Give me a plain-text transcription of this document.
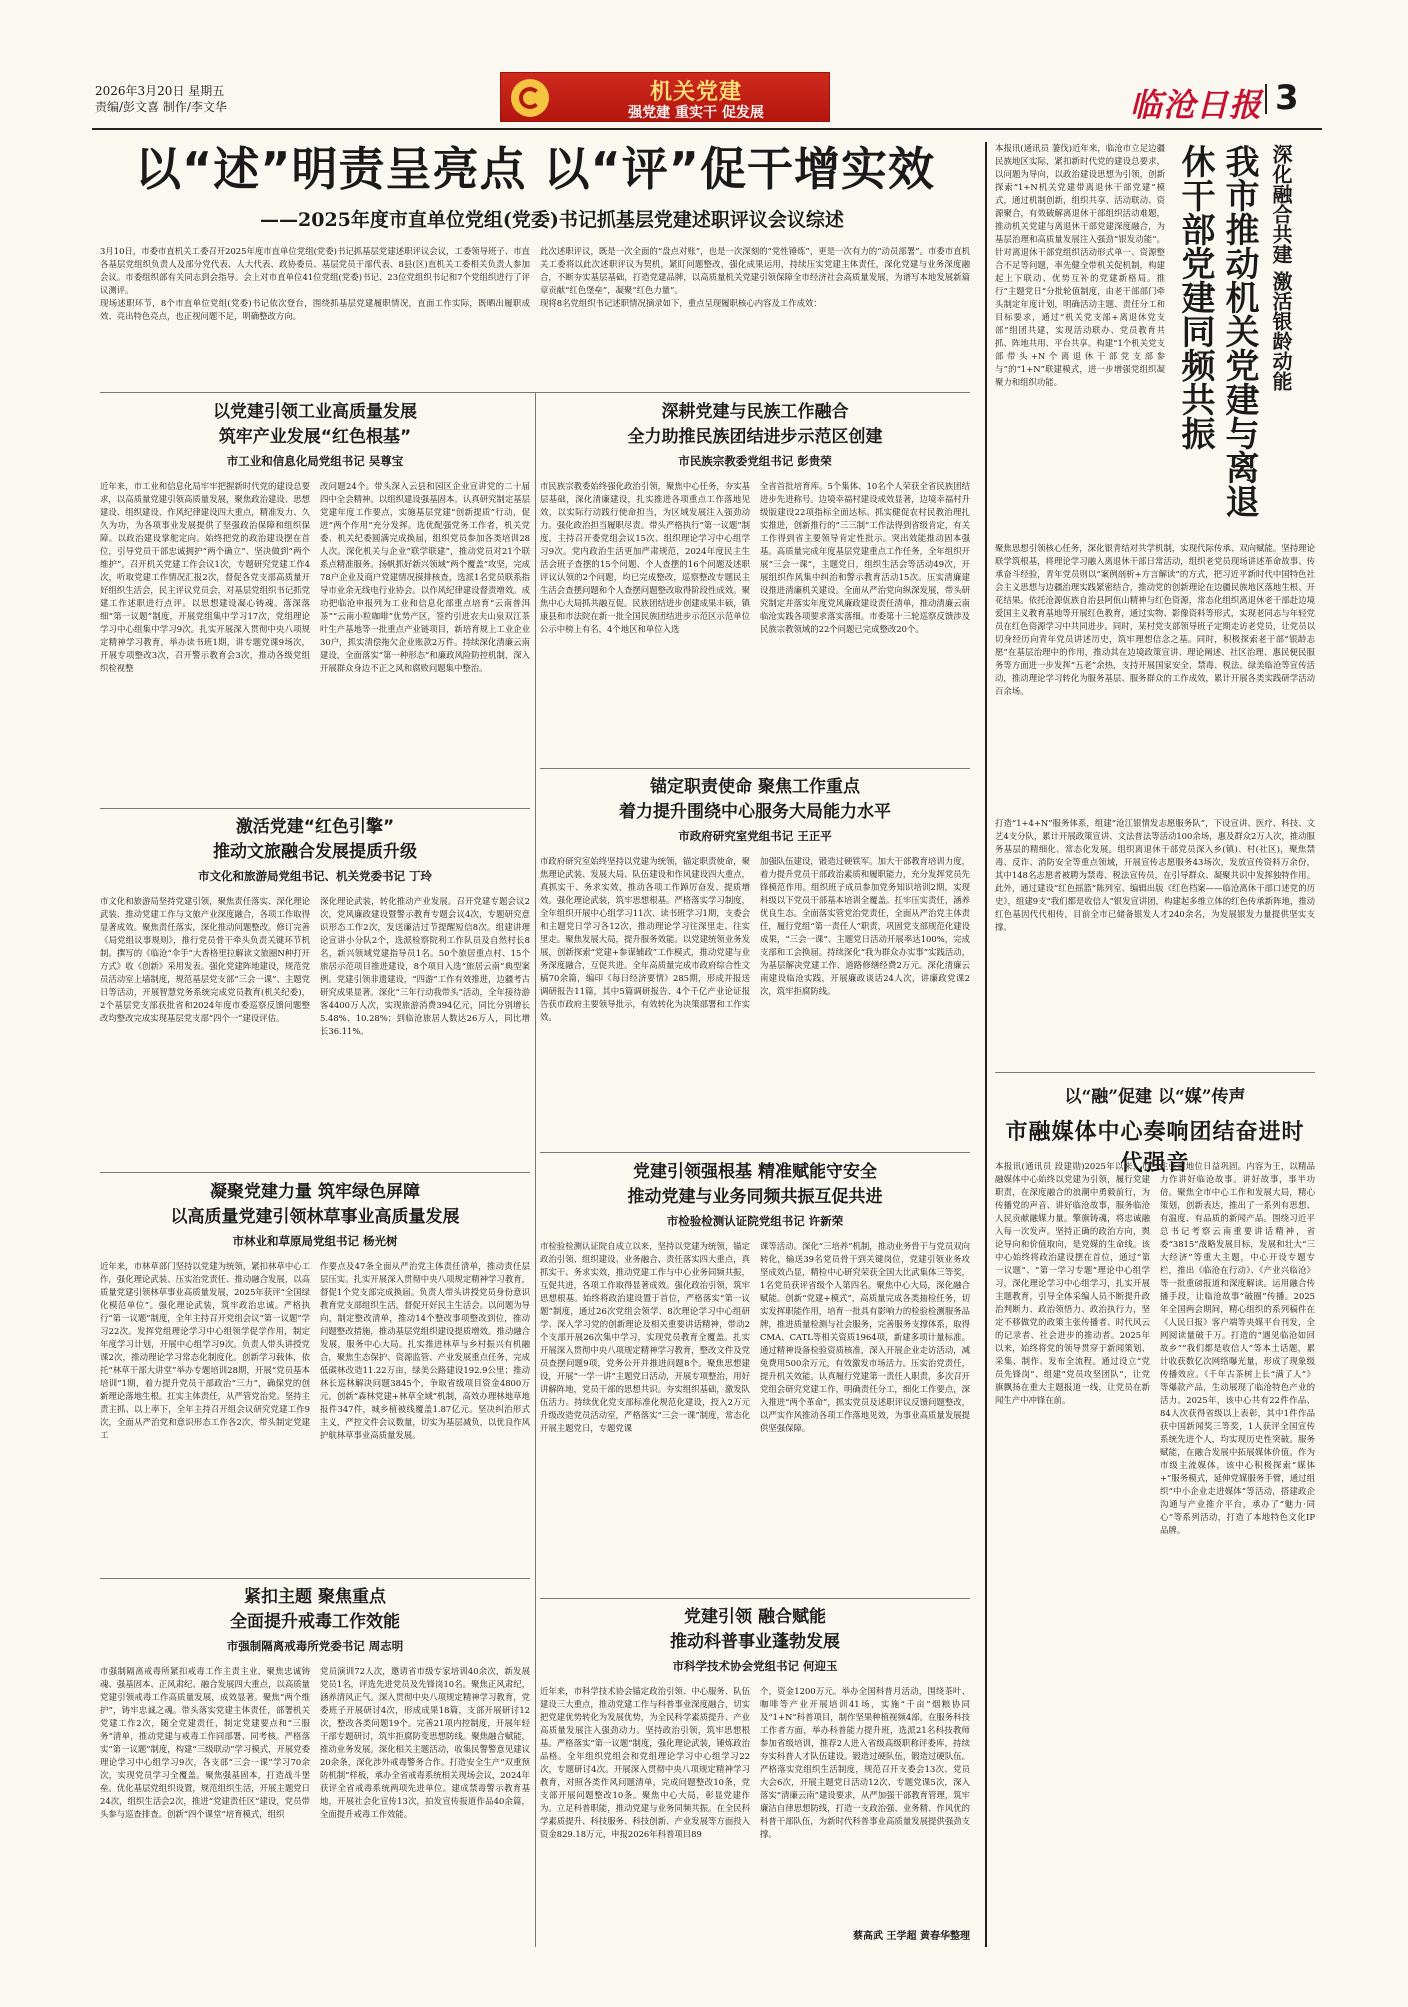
2026年3月20日 星期五
责编/彭文喜 制作/李文华
机关党建
强党建 重实干 促发展	临沧日报 3
以“述”明责呈亮点 以“评”促干增实效
——2025年度市直单位党组(党委)书记抓基层党建述职评议会议综述

3月10日，市委市直机关工委召开2025年度市直单位党组(党委)书记抓基层党建述职评议会议，工委领导班子、市直各基层党组织负责人及部分党代表、人大代表、政协委员、基层党员干部代表、8县(区)直机关工委相关负责人参加会议。市委组织部有关同志到会指导。会上对市直单位41位党组(党委)书记、23位党组织书记和7个党组织进行了评议测评。

现场述职环节，8个市直单位党组(党委)书记依次登台，围绕抓基层党建履职情况，直面工作实际，既晒出履职成效、亮出特色亮点，也正视问题不足，明确整改方向。

此次述职评议，既是一次全面的“盘点对账”，也是一次深刻的“党性锤炼”，更是一次有力的“动员部署”。市委市直机关工委将以此次述职评议为契机，紧盯问题整改，强化成果运用，持续压实党建主体责任，深化党建与业务深度融合，不断夯实基层基础，打造党建品牌，以高质量机关党建引领保障全市经济社会高质量发展，为谱写本地发展新篇章贡献“红色堡垒”，凝聚“红色力量”。

现将8名党组织书记述职情况摘录如下，重点呈现履职核心内容及工作成效：

以党建引领工业高质量发展
筑牢产业发展“红色根基”
市工业和信息化局党组书记 吴尊宝
近年来，市工业和信息化局牢牢把握新时代党的建设总要求，以高质量党建引领高质量发展，聚焦政治建设、思想建设、组织建设、作风纪律建设四大重点，精准发力、久久为功，为各项事业发展提供了坚强政治保障和组织保障。以政治建设掌舵定向。始终把党的政治建设摆在首位，引导党员干部忠诚拥护“两个确立”、坚决做到“两个维护”。召开机关党建工作会议1次，专题研究党建工作4次，听取党建工作情况汇报2次，督促各党支部高质量开好组织生活会，民主评议党员会，对基层党组织书记抓党建工作述职进行点评。以思想建设凝心铸魂。落深落细“第一议题”制度，开展党组集中学习17次，党组理论学习中心组集中学习9次。扎实开展深入贯彻中央八项规定精神学习教育，举办读书班1期，讲专题党课9场次，开展专项整改3次，召开警示教育会3次，推动各级党组织检视整
改问题24个。带头深入云县和园区企业宣讲党的二十届四中全会精神。以组织建设强基固本。认真研究制定基层党建年度工作要点，实施基层党建“创新提质”行动，促进“两个作用”充分发挥。选优配强党务工作者，机关党委、机关纪委圆满完成换届，组织党员参加各类培训28人次。深化机关与企业“联学联建”，推动党员对21个联系点精准服务。扬帆抓好新兴领域“两个覆盖”攻坚，完成78户企业及商户党建情况摸排核查，选派1名党员联系指导市业余无线电行业协会。以作风纪律建设督责增效。成功把临沧申报列为工业和信息化部重点培育“云南普洱茶”“云南小粒咖啡”优势产区，签约引进农夫山泉双江茶叶生产基地等一批重点产业链项目，新培育规上工业企业30户，抓实清偿拖欠企业账款2万件。持续深化清廉云南建设，全面落实“第一种形态”和廉政风险防控机制，深入开展群众身边不正之风和腐败问题集中整治。
激活党建“红色引擎”
推动文旅融合发展提质升级
市文化和旅游局党组书记、机关党委书记 丁玲
市文化和旅游局坚持党建引领，聚焦责任落实、深化理论武装、推动党建工作与文旅产业深度融合，各项工作取得显著成效。聚焦责任落实，深化推动问题整改。修订完善《局党组议事规则》，推行党员骨干牵头负责关键环节机制。撰写的《临沧“伞手”大香格里拉解读文旅圈N种打开方式》收《创新》采用发表。强化党建阵地建设，规范党员活动室上墙制度，规范基层党支部“三会一课”、主题党日等活动，开展智慧党务系统完成党员教育(机关纪委)，2个基层党支部获批省和2024年度市委巡察反馈问题整改均整改完成实现基层党支部“四个一”建设评估。
深化理论武装，转化推动产业发展。召开党建专题会议2次，党风廉政建设暨警示教育专题会议4次，专题研究意识形态工作2次，发送廉洁过节提醒短信8次。组建讲理论宣讲小分队2个，选派检察院利工作队员及自然村长8名，新兴领域党建指导员1名。50个旅居重点村、15个旅居示范项目推进建设，8个项目入选“旅居云南”典型案例。党建引领非遗建设，“四游”工作有效推进，边疆考古研究成果显著。深化“三年行动我带头”活动，全年接待游客4400万人次，实现旅游消费394亿元，同比分别增长5.48%、10.28%；到临沧旅居人数达26万人，同比增长36.11%。
凝聚党建力量 筑牢绿色屏障
以高质量党建引领林草事业高质量发展
市林业和草原局党组书记 杨光树
近年来，市林草部门坚持以党建为统领，紧扣林草中心工作，强化理论武装、压实治党责任、推动融合发展，以高质量党建引领林草事业高质量发展，2025年获评“全国绿化模范单位”。强化理论武装，筑牢政治忠诚。严格执行“第一议题”制度，全年主持召开党组会议“第一议题”学习22次。发挥党组理论学习中心组领学促学作用，制定年度学习计划，开展中心组学习9次。负责人带头讲授党课2次，推动理论学习常态化制度化。创新学习载体，依托“林草干部大讲堂”举办专题培训28期，开展“党员基本培训”1期，着力提升党员干部政治“三力”，确保党的创新理论落地生根。扛实主体责任，从严管党治党。坚持主责主抓、以上率下，全年主持召开组会议研究党建工作9次，全面从严治党和意识形态工作各2次，带头制定党建工
作要点及47条全面从严治党主体责任清单，推动责任层层压实。扎实开展深入贯彻中央八项规定精神学习教育，督促1个党支部完成换届。负责人带头讲授党员身份意识教育党支部组织生活，督促开好民主生活会。以问题为导向，制定整改清单，推动14个整改事项整改到位，推动问题整改措施，推动基层党组织建设提质增效。推动融合发展，服务中心大局。扎实推进林草与乡村振兴有机融合，聚焦生态保护、资源监管、产业发展重点任务，完成低碳林改造11.22万亩，绿美公路建设192.9公里；推动林长巡林解决问题3845个，争取省级项目资金4800万元。创新“森林党建+林草全域”机制，高效办理林地草地报件347件，城乡植被线覆盖1.87亿元。坚决纠治形式主义，严控文件会议数量，切实为基层减负，以优良作风护航林草事业高质量发展。
紧扣主题 聚焦重点
全面提升戒毒工作效能
市强制隔离戒毒所党委书记 周志明
市强制隔离戒毒所紧扣戒毒工作主责主业，聚焦忠诚铸魂、强基固本、正风肃纪、融合发展四大重点，以高质量党建引领戒毒工作高质量发展，成效显著。聚焦“两个维护”，铸牢忠诚之魂。带头落实党建主体责任，部署机关党建工作2次，随全党建责任，制定党建要点和“三服务”清单，推动党建与戒毒工作同部署、同考核。严格落实“第一议题”制度，构建“三级联动”学习模式，开展党委理论学习中心组学习9次，各支部“三会一课”学习70余次，实现党员学习全覆盖。聚焦强基固本，打造战斗堡垒。优化基层党组织设置，规范组织生活，开展主题党日24次，组织生活会2次，推进“党建责任区”建设，党员带头参与巡查排查。创新“四个课堂”培育模式，组织
党员演训72人次，邀请省市级专家培训40余次，新发展党员1名，评选先进党员及先锋岗10名。聚焦正风肃纪，涵养清风正气。深入贯彻中央八项规定精神学习教育，党委班子开展研讨4次，形成成果18篇，支部开展研讨12次，整改各类问题19个。完善21项内控制度，开展年轻干部专题研讨，筑牢拒腐防变思想防线。聚焦融合赋能，推动业务发展。深化相关主题活动，收集民警警意见建议20余条，深化涉外戒毒警务合作。打造安全生产“双重预防机制”样板，承办全省戒毒系统相关现场会议，2024年获评全省戒毒系统两项先进单位。建成禁毒警示教育基地，开展社会化宣传13次，拍发宣传报道作品40余篇，全面提升戒毒工作效能。
深耕党建与民族工作融合
全力助推民族团结进步示范区创建
市民族宗教委党组书记 彭贵荣
市民族宗教委始终强化政治引领，聚焦中心任务，夯实基层基础，深化清廉建设，扎实推进各项重点工作落地见效，以实际行动践行使命担当，为区域发展注入强劲动力。强化政治担当履职尽责。带头严格执行“第一议题”制度，主持召开委党组会议15次、组织理论学习中心组学习9次。党内政治生活更加严肃规范，2024年度民主生活会班子查摆的15个问题、个人查摆的16个问题及述职评议认领的2个问题，均已完成整改，巡察整改专题民主生活会查摆问题和个人查摆问题整改取得阶段性成效。聚焦中心大局抓共融互促。民族团结进步创建成果丰硕，镇康县和市法院在新一批全国民族团结进步示范区示范单位公示中榜上有名，4个地区和单位入选
全省首批培育库。5个集体、10名个人荣获全省民族团结进步先进称号。边境幸福村建设成效显著，边境幸福村升级版建设22项指标全面达标。抓实健促农村民教治理扎实推进，创新推行的“三三制”工作法得到省级肯定，有关工作得到省主要领导肯定性批示。突出效能推动固本强基。高质量完成年度基层党建重点工作任务，全年组织开展“三会一课”，主题党日，组织生活会等活动49次，开展组织作风集中纠治和警示教育活动15次。压实清廉建设推进清廉机关建设。全面从严治党向纵深发展，带头研究制定并落实年度党风廉政建设责任清单，推动清廉云南临沧实践各项要求落实落细。市委第十三轮巡察反馈涉及民族宗教领域的22个问题已完成整改20个。
锚定职责使命 聚焦工作重点
着力提升围绕中心服务大局能力水平
市政府研究室党组书记 王正平
市政府研究室始终坚持以党建为统领，锚定职责使命，聚焦理论武装、发展大局、队伍建设和作风建设四大重点，真抓实干、务求实效，推动各项工作踔厉奋发、提质增效。强化理论武装，筑牢思想根基。严格落实学习制度，全年组织开展中心组学习11次、读书班学习1期，支委会和主题党日学习各12次，推动理论学习往深里走、往实里走。聚焦发展大局，提升服务效能。以党建统领业务发展，创新探索“党建+参谋辅政”工作模式，推动党建与业务深度融合，互促共进。全年高质量完成市政府综合性文稿70余篇，编印《每日经济要情》285期，形成并报送调研报告11篇，其中5篇调研报告、4个千亿产业论证报告获市政府主要领导批示，有效转化为决策部署和工作实效。
加强队伍建设，锻造过硬铁军。加大干部教育培训力度，着力提升党员干部政治素质和履职能力，充分发挥党员先锋模范作用。组织班子成员参加党务知识培训2期，实现科级以下党员干部基本培训全覆盖。扛牢压实责任，涵养优良生态。全面落实管党治党责任，全面从严治党主体责任，履行党组“第一责任人”职责，巩固党支部规范化建设成果，“三会一课”、主题党日活动开展率达100%，完成支部和工会换届。持续深化“我为群众办实事”实践活动，为基层解决党建工作、道路修缮经费2万元。深化清廉云南建设临沧实践，开展廉政谈话24人次，讲廉政党课2次，筑牢拒腐防线。
党建引领强根基 精准赋能守安全
推动党建与业务同频共振互促共进
市检验检测认证院党组书记 许新荣
市检验检测认证院自成立以来，坚持以党建为统领，锚定政治引领、组织建设、业务融合、责任落实四大重点，真抓实干、务求实效，推动党建工作与中心业务同频共振，互促共进，各项工作取得显著成效。强化政治引领，筑牢思想根基。始终将政治建设置于首位，严格落实“第一议题”制度，通过26次党组会领学、8次理论学习中心组研学、深入学习党的创新理论及相关重要讲话精神，带动2个支部开展26次集中学习，实现党员教育全覆盖。扎实开展深入贯彻中央八项规定精神学习教育，整改文件及党员查摆问题9项，党务公开并推进问题8个。聚焦思想建设，开展“一学一讲”主题党日活动，开展专项整治，用好讲解阵地，党员干部的思想共识。夯实组织基础，激发队伍活力。持续优化党支部标准化规范化建设，投入2万元升级改造党员活动室，严格落实“三会一课”制度，常态化开展主题党日，专题党课
课等活动。深化“三培养”机制，推动业务骨干与党员双向转化，输送39名党员骨干到关键岗位，党建引领业务攻坚成效凸显，精检中心研究荣获全国大比武集体三等奖，1名党员获评省级个人第四名。聚焦中心大局，深化融合赋能。创新“党建+模式”，高质量完成各类抽检任务，切实发挥职能作用，培育一批具有影响力的检验检测服务品牌，推进质量检测与社会服务，完善服务支撑体系，取得CMA、CATL等相关资质1964项，新建多项计量标准。通过精神设备检验资质核准，深入开展企业走访活动，减免费用500余万元，有效激发市场活力。压实治党责任，提升机关效能。认真履行党建第一责任人职责，多次召开党组会研究党建工作，明确责任分工，细化工作要点，深入推进“两个革命”，抓实党员及述职评议反馈问题整改，以严实作风推动各项工作落地见效，为事业高质量发展提供坚强保障。
党建引领 融合赋能
推动科普事业蓬勃发展
市科学技术协会党组书记 何迎玉
近年来，市科学技术协会锚定政治引领、中心服务、队伍建设三大重点，推动党建工作与科普事业深度融合，切实把党建优势转化为发展优势，为全民科学素质提升、产业高质量发展注入强劲动力。坚持政治引领，筑牢思想根基。严格落实“第一议题”制度，强化理论武装，锤炼政治品格。全年组织党组会和党组理论学习中心组学习22次，专题研讨4次。开展深入贯彻中央八项规定精神学习教育，对照各类作风问题清单，完成问题整改10条，党支部开展问题整改10条。聚焦中心大局，彰显党建作为。立足科普职能，推动党建与业务同频共振。在全民科学素质提升、科技服务、科技创新、产业发展等方面投入资金829.18万元，申报2026年科普项目89
个，资金1200万元。举办全国科普月活动，围绕茶叶、咖啡等产业开展培训41场，实施“千亩”烟粮协同及“1+N”科普项目，制作坚果种植视频4部。在服务科技工作者方面，举办科普能力提升班，选派21名科技教师参加省级培训，推荐2人进入省级高级职称评委库，持续夯实科普人才队伍建设。锻造过硬队伍，锻造过硬队伍。严格落实党组织生活制度，规范召开支委会13次、党员大会6次，开展主题党日活动12次、专题党课5次，深入落实“清廉云南”建设要求，从严加强干部教育管理，筑牢廉洁自律思想防线，打造一支政治强、业务精、作风优的科普干部队伍，为新时代科普事业高质量发展提供强劲支撑。
蔡高武 王学超 黄春华整理
本报讯(通讯员 萋伐)近年来，临沧市立足边疆民族地区实际，紧扣新时代党的建设总要求，以问题为导向，以政治建设思想为引领，创新探索“1+N机关党建带离退休干部党建”模式，通过机制创新，组织共享、活动联动、资源聚合，有效破解离退休干部组织活动难题，推动机关党建与离退休干部党建深度融合，为基层治理和高质量发展注入强劲“银发动能”。针对离退休干部党组织活动形式单一、资源整合不足等问题，率先健全带机关促机制，构建起上下联动、优势互补的党建新格局。推行“主题党日”分批轮值制度，由老干部部门牵头制定年度计划，明确活动主题、责任分工和目标要求，通过“机关党支部+离退休党支部”组团共建，实现活动联办、党员教育共抓、阵地共用、平台共享。构建“1个机关党支部带头+N个离退休干部党支部参与”的“1+N”联建模式，进一步增强党组织凝聚力和组织功能。	我市推动机关党建与离退休干部党建同频共振	深化融合共建 激活银龄动能
聚焦思想引领核心任务，深化银青结对共学机制，实现代际传承、双向赋能。坚持理论联学筑根基，将理论学习融入离退休干部日常活动，组织老党员现场讲述革命故事、传承奋斗经验，青年党员则以“案例剖析+方言解读”的方式，把习近平新时代中国特色社会主义思想与边疆治理实践紧密结合，推动党的创新理论在边疆民族地区落地生根、开花结果。依托沧源佤族自治县阿佤山精神与红色资源，常态化组织离退休老干部赴边境爱国主义教育基地等开展红色教育，通过实物、影像资料等形式，实现老同志与年轻党员在红色资源学习中共同进步。同时，某村党支部领导班子定期走访老党员，让党员以切身经历向青年党员讲述历史，筑牢理想信念之基。同时，积极探索老干部“银龄志愿”在基层治理中的作用，推动其在边境政策宣讲、理论阐述、社区治理、惠民便民服务等方面进一步发挥“五老”余热，支持开展国家安全、禁毒、税法、绿美临沧等宣传活动，推动理论学习转化为服务基层、服务群众的工作成效，累计开展各类实践研学活动百余场。
打造“1+4+N”服务体系，组建“沧江银情发志愿服务队”，下设宣讲、医疗、科技、文艺4支分队，累计开展政策宣讲、文法普法等活动100余场，惠及群众2万人次，推动服务基层的精细化、常态化发展。组织离退休干部党员深入乡(镇)、村(社区)，聚焦禁毒、反诈、消防安全等重点领域，开展宣传志愿服务43场次，发放宣传资料万余份，其中148名志愿者被聘为禁毒、税法宣传员，在引导群众、凝聚共识中发挥独特作用。此外，通过建设“红色摇篮”陈列室、编辑出版《红色档案——临沧离休干部口述党的历史》，组建9支“我们都是收信人”银发宣讲团，构建起多维立体的红色传承新阵地，推动红色基因代代相传，目前全市已储备银发人才240余名，为发展银发力量提供坚实支撑。
以“融”促建 以“媒”传声
市融媒体中心奏响团结奋进时代强音
本报讯(通讯员 段建勋)2025年以来，市融媒体中心始终以党建为引领，履行党建职责，在深度融合的浪潮中勇毅前行，为传播党的声音、讲好临沧故事，服务临沧人民贡献融媒力量。擎旗铸魂，将忠诚融入每一次发声。坚持正确的政治方向，舆论导向和价值取向，是党媒的生命线。该中心始终将政治建设摆在首位，通过“第一议题”、“第一学习专题”理论中心组学习，深化理论学习中心组学习，扎实开展主题教育，引导全体采编人员不断提升政治判断力、政治领悟力、政治执行力，坚定不移做党的政策主张传播者、时代风云的记录者、社会进步的推动者。2025年以来，始终将党的领导贯穿于新闻策划、采集、制作、发布全流程。通过设立“党员先锋岗”、组建“党员攻坚团队”，让党旗飘扬在重大主题报道一线，让党员在新闻生产中冲锋在前。
主张道地位日益巩固。内容为王，以精品力作讲好临沧故事。讲好故事，事半功倍。聚焦全市中心工作和发展大局，精心策划，创新表达，推出了一系列有思想、有温度、有品质的新闻产品。围绕习近平总书记考察云南重要讲话精神，省委“3815”战略发展目标，发展和壮大“三大经济”等重大主题，中心开设专题专栏，推出《临沧在行动》、《产业兴临沧》等一批重磅报道和深度解读。运用融合传播手段，让临沧故事“破圈”传播。2025年全国两会期间，精心组织的系列稿件在《人民日报》客户端等央媒平台刊发，全网阅读量破千万。打造的“遇见临沧如回故乡”“我们都是收信人”等本土话题，累计收获数亿次网络曝光量，形成了现象级传播效应。《千年古茶树上长“满了人”》等爆款产品，生动展现了临沧特色产业的活力。2025年，该中心共有22件作品、84人次获得省级以上表彰，其中1件作品获中国新闻奖三等奖，1人获评全国宣传系统先进个人，均实现历史性突破。服务赋能，在融合发展中拓展媒体价值。作为市级主流媒体，该中心积极探索“媒体+”服务模式，延伸党媒服务手臂，通过组织“中小企业走进媒体”等活动，搭建政企沟通与产业推介平台，承办了“魅力·同心”等系列活动，打造了本地特色文化IP品牌。
